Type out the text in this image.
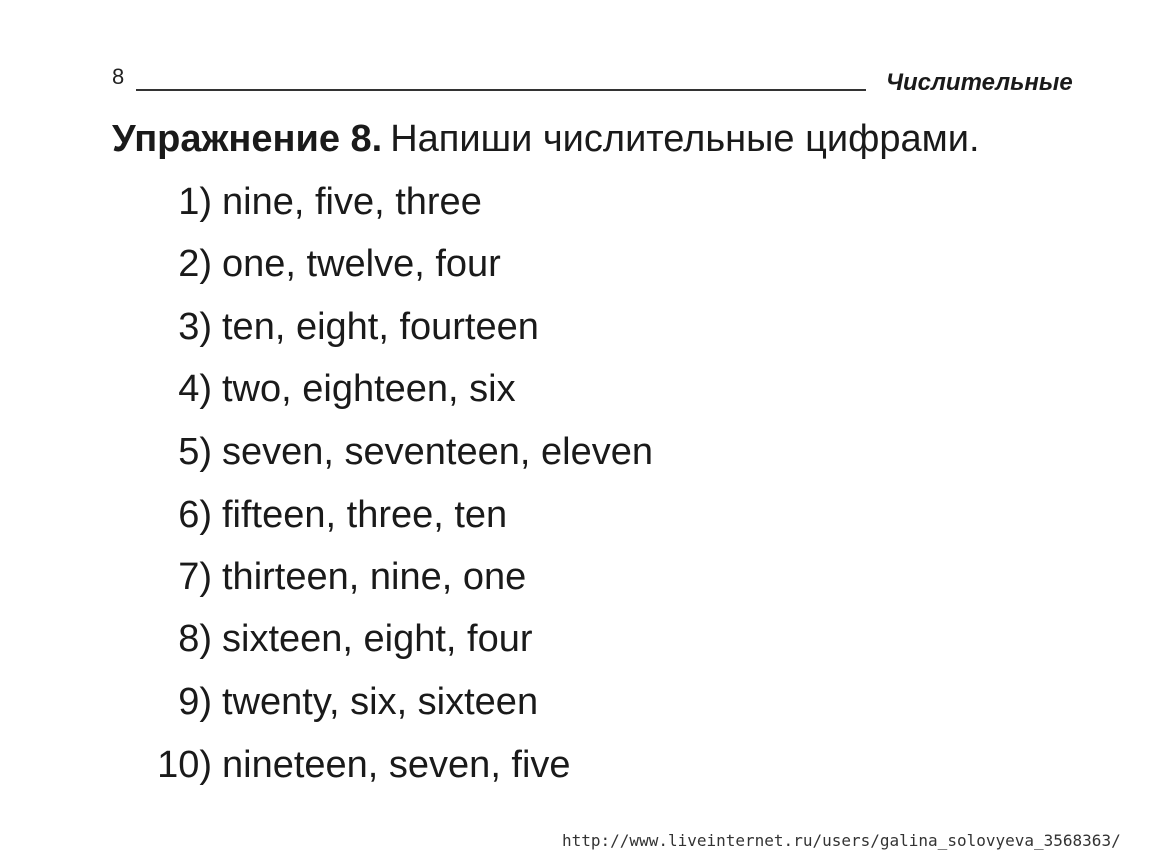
8	Числительные
Упражнение 8. Напиши числительные цифрами.
1) nine, five, three
2) one, twelve, four
3) ten, eight, fourteen
4) two, eighteen, six
5) seven, seventeen, eleven
6) fifteen, three, ten
7) thirteen, nine, one
8) sixteen, eight, four
9) twenty, six, sixteen
10) nineteen, seven, five
http://www.liveinternet.ru/users/galina_solovyeva_3568363/
